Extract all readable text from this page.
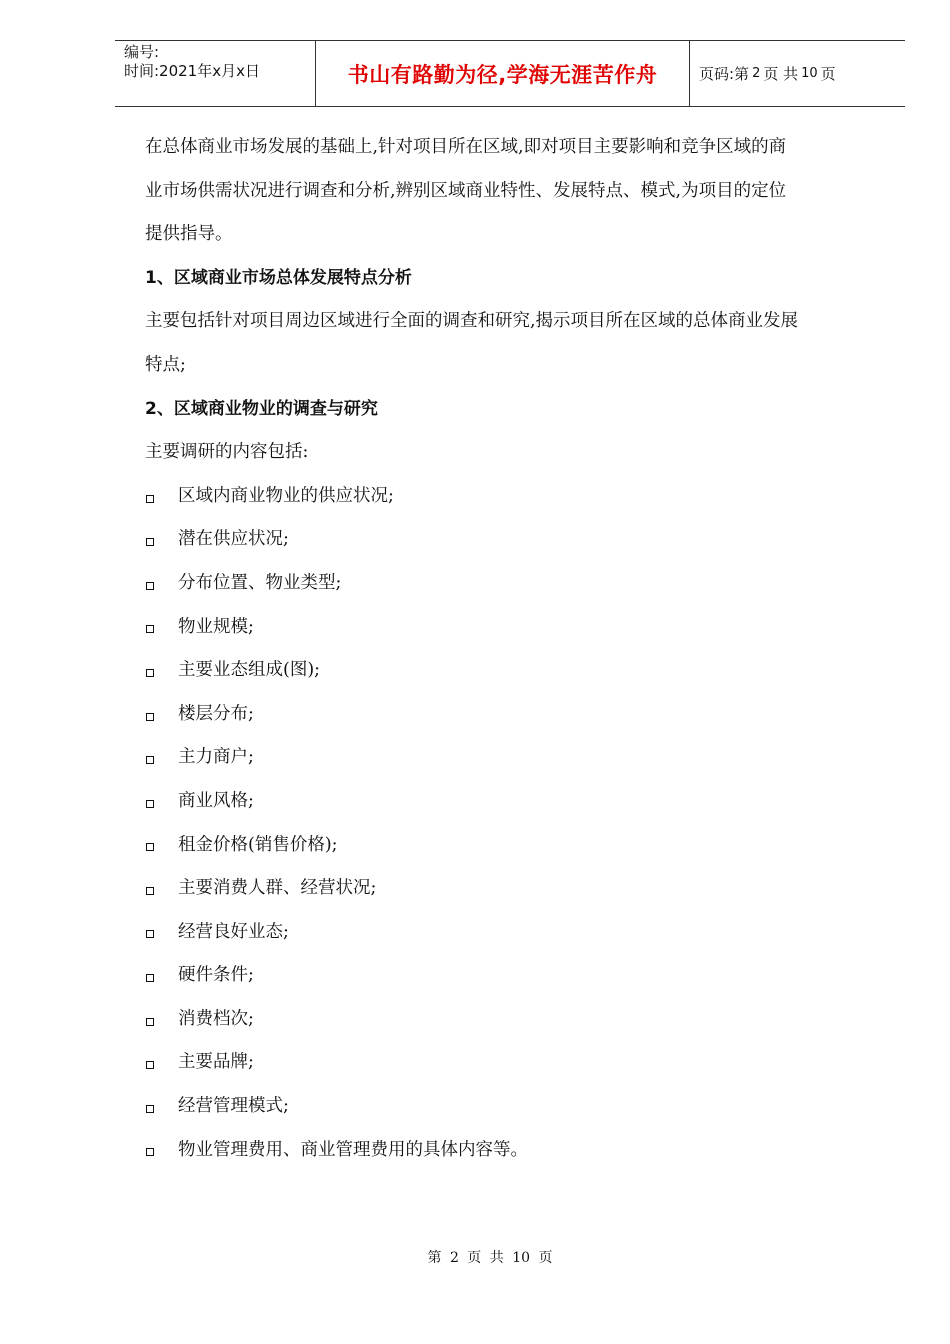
编号:
时间:2021年x月x日	书山有路勤为径,学海无涯苦作舟	页码:第 2 页 共 10 页

在总体商业市场发展的基础上,针对项目所在区域,即对项目主要影响和竞争区域的商

业市场供需状况进行调查和分析,辨别区域商业特性、发展特点、模式,为项目的定位

提供指导。

1、区域商业市场总体发展特点分析

主要包括针对项目周边区域进行全面的调查和研究,揭示项目所在区域的总体商业发展

特点;

2、区域商业物业的调查与研究

主要调研的内容包括:

区域内商业物业的供应状况;
潜在供应状况;
分布位置、物业类型;
物业规模;
主要业态组成(图);
楼层分布;
主力商户;
商业风格;
租金价格(销售价格);
主要消费人群、经营状况;
经营良好业态;
硬件条件;
消费档次;
主要品牌;
经营管理模式;
物业管理费用、商业管理费用的具体内容等。
第 2 页 共 10 页
